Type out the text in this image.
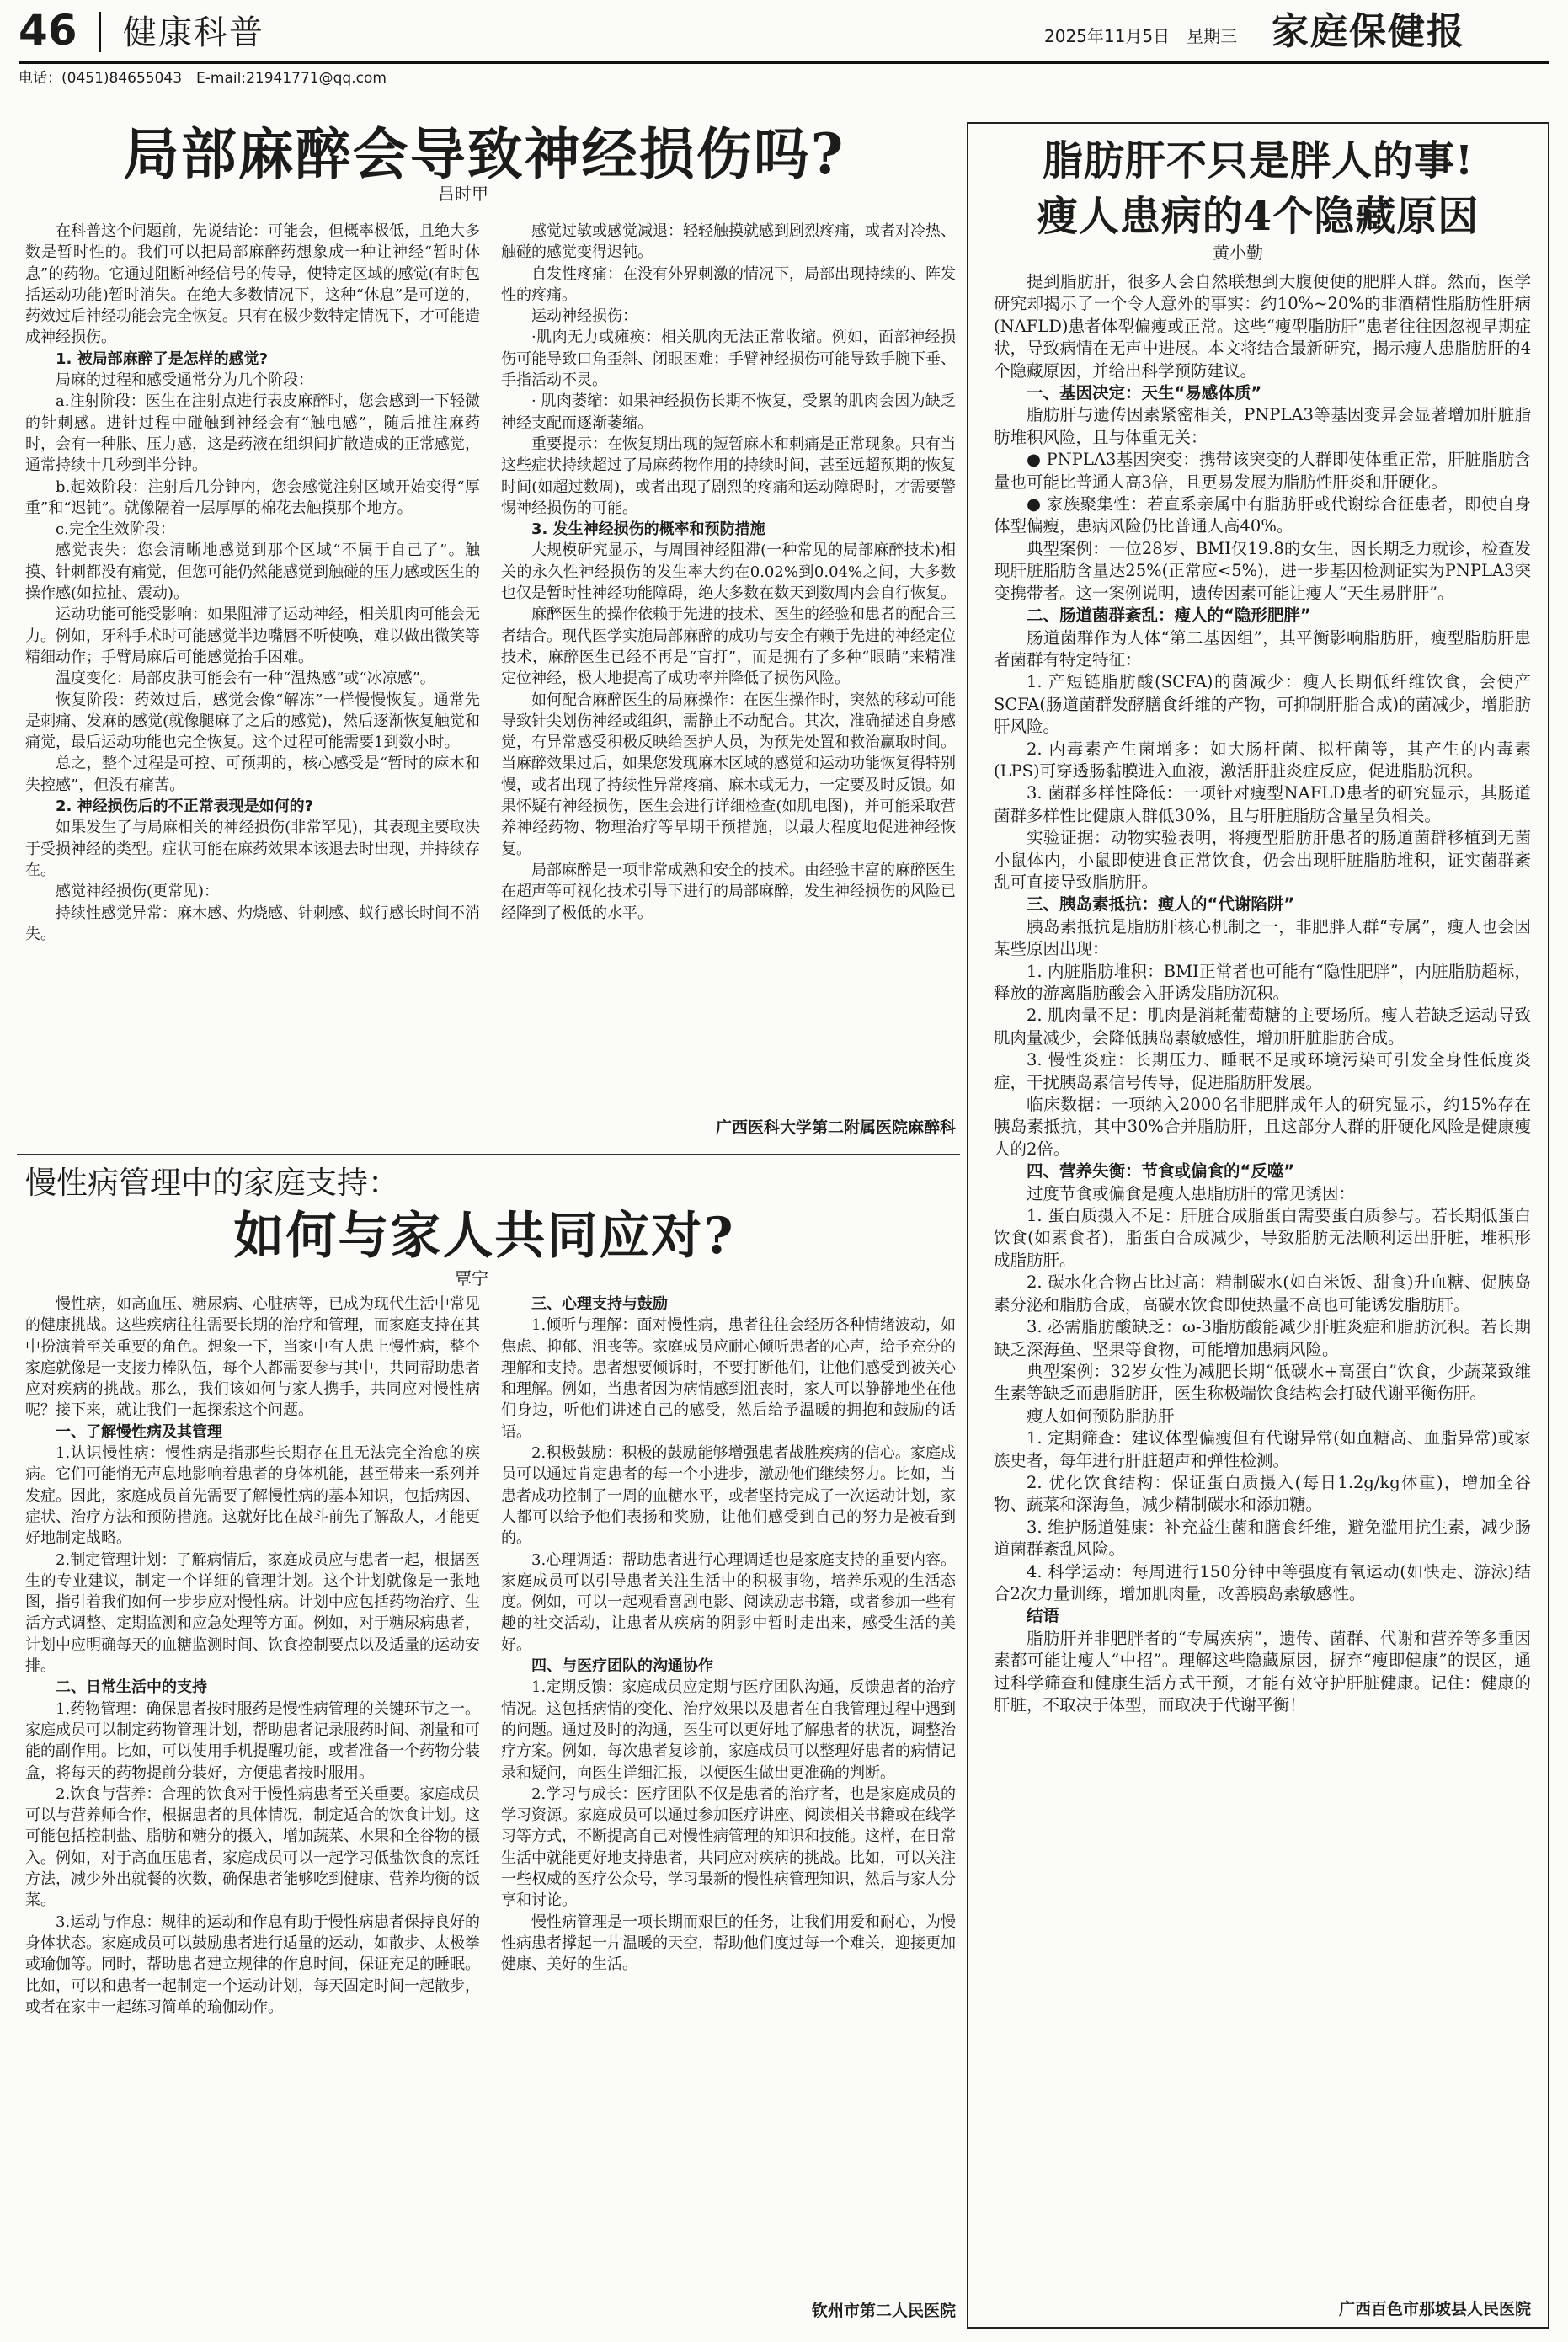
46 健康科普	2025年11月5日　星期三 家庭保健报
电话：(0451)84655043　E-mail:21941771@qq.com
局部麻醉会导致神经损伤吗?
吕时甲

在科普这个问题前，先说结论：可能会，但概率极低，且绝大多数是暂时性的。我们可以把局部麻醉药想象成一种让神经“暂时休息”的药物。它通过阻断神经信号的传导，使特定区域的感觉(有时包括运动功能)暂时消失。在绝大多数情况下，这种“休息”是可逆的，药效过后神经功能会完全恢复。只有在极少数特定情况下，才可能造成神经损伤。

1. 被局部麻醉了是怎样的感觉?

局麻的过程和感受通常分为几个阶段：

a.注射阶段：医生在注射点进行表皮麻醉时，您会感到一下轻微的针刺感。进针过程中碰触到神经会有“触电感”，随后推注麻药时，会有一种胀、压力感，这是药液在组织间扩散造成的正常感觉，通常持续十几秒到半分钟。

b.起效阶段：注射后几分钟内，您会感觉注射区域开始变得“厚重”和“迟钝”。就像隔着一层厚厚的棉花去触摸那个地方。

c.完全生效阶段：

感觉丧失：您会清晰地感觉到那个区域“不属于自己了”。触摸、针刺都没有痛觉，但您可能仍然能感觉到触碰的压力感或医生的操作感(如拉扯、震动)。

运动功能可能受影响：如果阻滞了运动神经，相关肌肉可能会无力。例如，牙科手术时可能感觉半边嘴唇不听使唤，难以做出微笑等精细动作；手臂局麻后可能感觉抬手困难。

温度变化：局部皮肤可能会有一种“温热感”或“冰凉感”。

恢复阶段：药效过后，感觉会像“解冻”一样慢慢恢复。通常先是刺痛、发麻的感觉(就像腿麻了之后的感觉)，然后逐渐恢复触觉和痛觉，最后运动功能也完全恢复。这个过程可能需要1到数小时。

总之，整个过程是可控、可预期的，核心感受是“暂时的麻木和失控感”，但没有痛苦。

2. 神经损伤后的不正常表现是如何的?

如果发生了与局麻相关的神经损伤(非常罕见)，其表现主要取决于受损神经的类型。症状可能在麻药效果本该退去时出现，并持续存在。

感觉神经损伤(更常见)：

持续性感觉异常：麻木感、灼烧感、针刺感、蚁行感长时间不消失。

感觉过敏或感觉减退：轻轻触摸就感到剧烈疼痛，或者对冷热、触碰的感觉变得迟钝。

自发性疼痛：在没有外界刺激的情况下，局部出现持续的、阵发性的疼痛。

运动神经损伤：

·肌肉无力或瘫痪：相关肌肉无法正常收缩。例如，面部神经损伤可能导致口角歪斜、闭眼困难；手臂神经损伤可能导致手腕下垂、手指活动不灵。

· 肌肉萎缩：如果神经损伤长期不恢复，受累的肌肉会因为缺乏神经支配而逐渐萎缩。

重要提示：在恢复期出现的短暂麻木和刺痛是正常现象。只有当这些症状持续超过了局麻药物作用的持续时间，甚至远超预期的恢复时间(如超过数周)，或者出现了剧烈的疼痛和运动障碍时，才需要警惕神经损伤的可能。

3. 发生神经损伤的概率和预防措施

大规模研究显示，与周围神经阻滞(一种常见的局部麻醉技术)相关的永久性神经损伤的发生率大约在0.02%到0.04%之间，大多数也仅是暂时性神经功能障碍，绝大多数在数天到数周内会自行恢复。

麻醉医生的操作依赖于先进的技术、医生的经验和患者的配合三者结合。现代医学实施局部麻醉的成功与安全有赖于先进的神经定位技术，麻醉医生已经不再是“盲打”，而是拥有了多种“眼睛”来精准定位神经，极大地提高了成功率并降低了损伤风险。

如何配合麻醉医生的局麻操作：在医生操作时，突然的移动可能导致针尖划伤神经或组织，需静止不动配合。其次，准确描述自身感觉，有异常感受积极反映给医护人员，为预先处置和救治赢取时间。当麻醉效果过后，如果您发现麻木区域的感觉和运动功能恢复得特别慢，或者出现了持续性异常疼痛、麻木或无力，一定要及时反馈。如果怀疑有神经损伤，医生会进行详细检查(如肌电图)，并可能采取营养神经药物、物理治疗等早期干预措施，以最大程度地促进神经恢复。

局部麻醉是一项非常成熟和安全的技术。由经验丰富的麻醉医生在超声等可视化技术引导下进行的局部麻醉，发生神经损伤的风险已经降到了极低的水平。

广西医科大学第二附属医院麻醉科
慢性病管理中的家庭支持：
如何与家人共同应对?
覃宁

慢性病，如高血压、糖尿病、心脏病等，已成为现代生活中常见的健康挑战。这些疾病往往需要长期的治疗和管理，而家庭支持在其中扮演着至关重要的角色。想象一下，当家中有人患上慢性病，整个家庭就像是一支接力棒队伍，每个人都需要参与其中，共同帮助患者应对疾病的挑战。那么，我们该如何与家人携手，共同应对慢性病呢？接下来，就让我们一起探索这个问题。

一、了解慢性病及其管理

1.认识慢性病：慢性病是指那些长期存在且无法完全治愈的疾病。它们可能悄无声息地影响着患者的身体机能，甚至带来一系列并发症。因此，家庭成员首先需要了解慢性病的基本知识，包括病因、症状、治疗方法和预防措施。这就好比在战斗前先了解敌人，才能更好地制定战略。

2.制定管理计划：了解病情后，家庭成员应与患者一起，根据医生的专业建议，制定一个详细的管理计划。这个计划就像是一张地图，指引着我们如何一步步应对慢性病。计划中应包括药物治疗、生活方式调整、定期监测和应急处理等方面。例如，对于糖尿病患者，计划中应明确每天的血糖监测时间、饮食控制要点以及适量的运动安排。

二、日常生活中的支持

1.药物管理：确保患者按时服药是慢性病管理的关键环节之一。家庭成员可以制定药物管理计划，帮助患者记录服药时间、剂量和可能的副作用。比如，可以使用手机提醒功能，或者准备一个药物分装盒，将每天的药物提前分装好，方便患者按时服用。

2.饮食与营养：合理的饮食对于慢性病患者至关重要。家庭成员可以与营养师合作，根据患者的具体情况，制定适合的饮食计划。这可能包括控制盐、脂肪和糖分的摄入，增加蔬菜、水果和全谷物的摄入。例如，对于高血压患者，家庭成员可以一起学习低盐饮食的烹饪方法，减少外出就餐的次数，确保患者能够吃到健康、营养均衡的饭菜。

3.运动与作息：规律的运动和作息有助于慢性病患者保持良好的身体状态。家庭成员可以鼓励患者进行适量的运动，如散步、太极拳或瑜伽等。同时，帮助患者建立规律的作息时间，保证充足的睡眠。比如，可以和患者一起制定一个运动计划，每天固定时间一起散步，或者在家中一起练习简单的瑜伽动作。

三、心理支持与鼓励

1.倾听与理解：面对慢性病，患者往往会经历各种情绪波动，如焦虑、抑郁、沮丧等。家庭成员应耐心倾听患者的心声，给予充分的理解和支持。患者想要倾诉时，不要打断他们，让他们感受到被关心和理解。例如，当患者因为病情感到沮丧时，家人可以静静地坐在他们身边，听他们讲述自己的感受，然后给予温暖的拥抱和鼓励的话语。

2.积极鼓励：积极的鼓励能够增强患者战胜疾病的信心。家庭成员可以通过肯定患者的每一个小进步，激励他们继续努力。比如，当患者成功控制了一周的血糖水平，或者坚持完成了一次运动计划，家人都可以给予他们表扬和奖励，让他们感受到自己的努力是被看到的。

3.心理调适：帮助患者进行心理调适也是家庭支持的重要内容。家庭成员可以引导患者关注生活中的积极事物，培养乐观的生活态度。例如，可以一起观看喜剧电影、阅读励志书籍，或者参加一些有趣的社交活动，让患者从疾病的阴影中暂时走出来，感受生活的美好。

四、与医疗团队的沟通协作

1.定期反馈：家庭成员应定期与医疗团队沟通，反馈患者的治疗情况。这包括病情的变化、治疗效果以及患者在自我管理过程中遇到的问题。通过及时的沟通，医生可以更好地了解患者的状况，调整治疗方案。例如，每次患者复诊前，家庭成员可以整理好患者的病情记录和疑问，向医生详细汇报，以便医生做出更准确的判断。

2.学习与成长：医疗团队不仅是患者的治疗者，也是家庭成员的学习资源。家庭成员可以通过参加医疗讲座、阅读相关书籍或在线学习等方式，不断提高自己对慢性病管理的知识和技能。这样，在日常生活中就能更好地支持患者，共同应对疾病的挑战。比如，可以关注一些权威的医疗公众号，学习最新的慢性病管理知识，然后与家人分享和讨论。

慢性病管理是一项长期而艰巨的任务，让我们用爱和耐心，为慢性病患者撑起一片温暖的天空，帮助他们度过每一个难关，迎接更加健康、美好的生活。

钦州市第二人民医院
脂肪肝不只是胖人的事!
瘦人患病的4个隐藏原因
黄小勤

提到脂肪肝，很多人会自然联想到大腹便便的肥胖人群。然而，医学研究却揭示了一个令人意外的事实：约10%~20%的非酒精性脂肪性肝病(NAFLD)患者体型偏瘦或正常。这些“瘦型脂肪肝”患者往往因忽视早期症状，导致病情在无声中进展。本文将结合最新研究，揭示瘦人患脂肪肝的4个隐藏原因，并给出科学预防建议。

一、基因决定：天生“易感体质”

脂肪肝与遗传因素紧密相关，PNPLA3等基因变异会显著增加肝脏脂肪堆积风险，且与体重无关：

● PNPLA3基因突变：携带该突变的人群即使体重正常，肝脏脂肪含量也可能比普通人高3倍，且更易发展为脂肪性肝炎和肝硬化。

● 家族聚集性：若直系亲属中有脂肪肝或代谢综合征患者，即使自身体型偏瘦，患病风险仍比普通人高40%。

典型案例：一位28岁、BMI仅19.8的女生，因长期乏力就诊，检查发现肝脏脂肪含量达25%(正常应<5%)，进一步基因检测证实为PNPLA3突变携带者。这一案例说明，遗传因素可能让瘦人“天生易胖肝”。

二、肠道菌群紊乱：瘦人的“隐形肥胖”

肠道菌群作为人体“第二基因组”，其平衡影响脂肪肝，瘦型脂肪肝患者菌群有特定特征：

1. 产短链脂肪酸(SCFA)的菌减少：瘦人长期低纤维饮食，会使产SCFA(肠道菌群发酵膳食纤维的产物，可抑制肝脂合成)的菌减少，增脂肪肝风险。

2. 内毒素产生菌增多：如大肠杆菌、拟杆菌等，其产生的内毒素(LPS)可穿透肠黏膜进入血液，激活肝脏炎症反应，促进脂肪沉积。

3. 菌群多样性降低：一项针对瘦型NAFLD患者的研究显示，其肠道菌群多样性比健康人群低30%，且与肝脏脂肪含量呈负相关。

实验证据：动物实验表明，将瘦型脂肪肝患者的肠道菌群移植到无菌小鼠体内，小鼠即使进食正常饮食，仍会出现肝脏脂肪堆积，证实菌群紊乱可直接导致脂肪肝。

三、胰岛素抵抗：瘦人的“代谢陷阱”

胰岛素抵抗是脂肪肝核心机制之一，非肥胖人群“专属”，瘦人也会因某些原因出现：

1. 内脏脂肪堆积：BMI正常者也可能有“隐性肥胖”，内脏脂肪超标，释放的游离脂肪酸会入肝诱发脂肪沉积。

2. 肌肉量不足：肌肉是消耗葡萄糖的主要场所。瘦人若缺乏运动导致肌肉量减少，会降低胰岛素敏感性，增加肝脏脂肪合成。

3. 慢性炎症：长期压力、睡眠不足或环境污染可引发全身性低度炎症，干扰胰岛素信号传导，促进脂肪肝发展。

临床数据：一项纳入2000名非肥胖成年人的研究显示，约15%存在胰岛素抵抗，其中30%合并脂肪肝，且这部分人群的肝硬化风险是健康瘦人的2倍。

四、营养失衡：节食或偏食的“反噬”

过度节食或偏食是瘦人患脂肪肝的常见诱因：

1. 蛋白质摄入不足：肝脏合成脂蛋白需要蛋白质参与。若长期低蛋白饮食(如素食者)，脂蛋白合成减少，导致脂肪无法顺利运出肝脏，堆积形成脂肪肝。

2. 碳水化合物占比过高：精制碳水(如白米饭、甜食)升血糖、促胰岛素分泌和脂肪合成，高碳水饮食即使热量不高也可能诱发脂肪肝。

3. 必需脂肪酸缺乏：ω-3脂肪酸能减少肝脏炎症和脂肪沉积。若长期缺乏深海鱼、坚果等食物，可能增加患病风险。

典型案例：32岁女性为减肥长期“低碳水+高蛋白”饮食，少蔬菜致维生素等缺乏而患脂肪肝，医生称极端饮食结构会打破代谢平衡伤肝。

瘦人如何预防脂肪肝

1. 定期筛查：建议体型偏瘦但有代谢异常(如血糖高、血脂异常)或家族史者，每年进行肝脏超声和弹性检测。

2. 优化饮食结构：保证蛋白质摄入(每日1.2g/kg体重)，增加全谷物、蔬菜和深海鱼，减少精制碳水和添加糖。

3. 维护肠道健康：补充益生菌和膳食纤维，避免滥用抗生素，减少肠道菌群紊乱风险。

4. 科学运动：每周进行150分钟中等强度有氧运动(如快走、游泳)结合2次力量训练，增加肌肉量，改善胰岛素敏感性。

结语

脂肪肝并非肥胖者的“专属疾病”，遗传、菌群、代谢和营养等多重因素都可能让瘦人“中招”。理解这些隐藏原因，摒弃“瘦即健康”的误区，通过科学筛查和健康生活方式干预，才能有效守护肝脏健康。记住：健康的肝脏，不取决于体型，而取决于代谢平衡！

广西百色市那坡县人民医院
